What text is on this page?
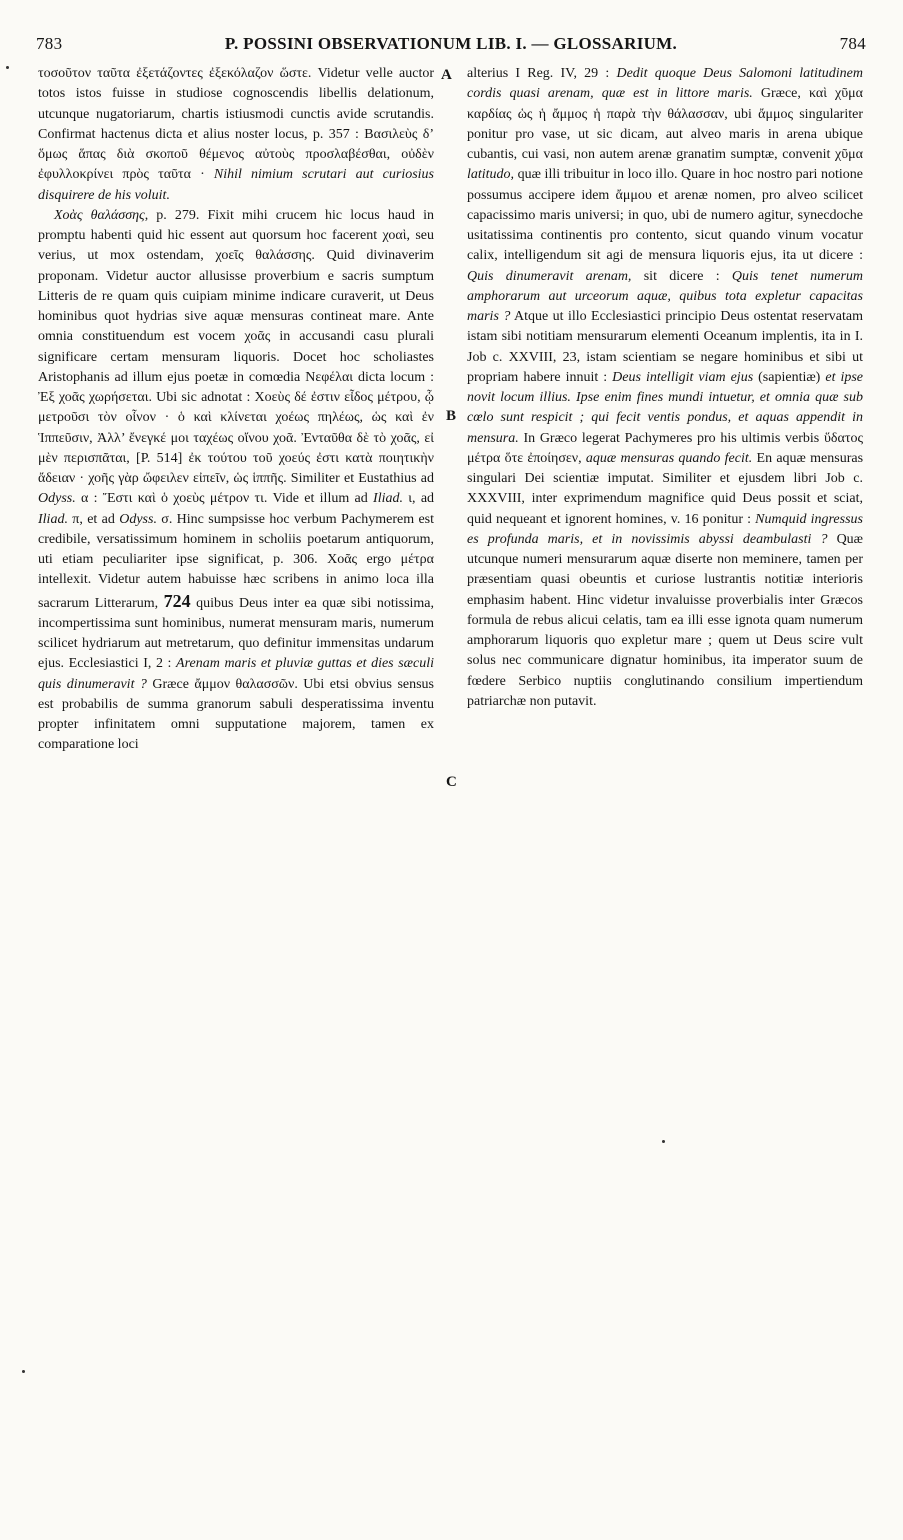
783	P. POSSINI OBSERVATIONUM LIB. I. — GLOSSARIUM.	784
A
B
C

τοσοῦτον ταῦτα ἐξετάζοντες ἐξεκόλαζον ὥστε. Videtur velle auctor totos istos fuisse in studiose cognoscendis libellis delationum, utcunque nugatoriarum, chartis istiusmodi cunctis avide scrutandis. Confirmat hactenus dicta et alius noster locus, p. 357 : Βασιλεὺς δ’ ὅμως ἅπας διὰ σκοποῦ θέμενος αὐτοὺς προσλαβέσθαι, οὐδὲν ἐφυλλοκρίνει πρὸς ταῦτα · Nihil nimium scrutari aut curiosius disquirere de his voluit.

Χοὰς θαλάσσης, p. 279. Fixit mihi crucem hic locus haud in promptu habenti quid hic essent aut quorsum hoc facerent χοαὶ, seu verius, ut mox ostendam, χοεῖς θαλάσσης. Quid divinaverim proponam. Videtur auctor allusisse proverbium e sacris sumptum Litteris de re quam quis cuipiam minime indicare curaverit, ut Deus hominibus quot hydrias sive aquæ mensuras contineat mare. Ante omnia constituendum est vocem χοᾶς in accusandi casu plurali significare certam mensuram liquoris. Docet hoc scholiastes Aristophanis ad illum ejus poetæ in comœdia Νεφέλαι dicta locum : Ἐξ χοᾶς χωρήσεται. Ubi sic adnotat : Χοεὺς δέ ἐστιν εἶδος μέτρου, ᾧ μετροῦσι τὸν οἶνον · ὁ καὶ κλίνεται χοέως πηλέως, ὡς καὶ ἐν Ἱππεῦσιν, Ἀλλ’ ἔνεγκέ μοι ταχέως οἴνου χοᾶ. Ἐνταῦθα δὲ τὸ χοᾶς, εἰ μὲν περισπᾶται, [P. 514] ἐκ τούτου τοῦ χοεύς ἐστι κατὰ ποιητικὴν ἄδειαν · χοῆς γὰρ ὤφειλεν εἰπεῖν, ὡς ἱππῆς. Similiter et Eustathius ad Odyss. α : Ἔστι καὶ ὁ χοεὺς μέτρον τι. Vide et illum ad Iliad. ι, ad Iliad. π, et ad Odyss. σ. Hinc sumpsisse hoc verbum Pachymerem est credibile, versatissimum hominem in scholiis poetarum antiquorum, uti etiam peculiariter ipse significat, p. 306. Χοᾶς ergo μέτρα intellexit. Videtur autem habuisse hæc scribens in animo loca illa sacrarum Litterarum, 724 quibus Deus inter ea quæ sibi notissima, incompertissima sunt hominibus, numerat mensuram maris, numerum scilicet hydriarum aut metretarum, quo definitur immensitas undarum ejus. Ecclesiastici I, 2 : Arenam maris et pluviæ guttas et dies sæculi quis dinumeravit ? Græce ἄμμον θαλασσῶν. Ubi etsi obvius sensus est probabilis de summa granorum sabuli desperatissima inventu propter infinitatem omni supputatione majorem, tamen ex comparatione loci

alterius I Reg. IV, 29 : Dedit quoque Deus Salomoni latitudinem cordis quasi arenam, quæ est in littore maris. Græce, καὶ χῦμα καρδίας ὡς ἡ ἄμμος ἡ παρὰ τὴν θάλασσαν, ubi ἄμμος singulariter ponitur pro vase, ut sic dicam, aut alveo maris in arena ubique cubantis, cui vasi, non autem arenæ granatim sumptæ, convenit χῦμα latitudo, quæ illi tribuitur in loco illo. Quare in hoc nostro pari notione possumus accipere idem ἄμμου et arenæ nomen, pro alveo scilicet capacissimo maris universi; in quo, ubi de numero agitur, synecdoche usitatissima continentis pro contento, sicut quando vinum vocatur calix, intelligendum sit agi de mensura liquoris ejus, ita ut dicere : Quis dinumeravit arenam, sit dicere : Quis tenet numerum amphorarum aut urceorum aquæ, quibus tota expletur capacitas maris ? Atque ut illo Ecclesiastici principio Deus ostentat reservatam istam sibi notitiam mensurarum elementi Oceanum implentis, ita in I. Job c. XXVIII, 23, istam scientiam se negare hominibus et sibi ut propriam habere innuit : Deus intelligit viam ejus (sapientiæ) et ipse novit locum illius. Ipse enim fines mundi intuetur, et omnia quæ sub cœlo sunt respicit ; qui fecit ventis pondus, et aquas appendit in mensura. In Græco legerat Pachymeres pro his ultimis verbis ὕδατος μέτρα ὅτε ἐποίησεν, aquæ mensuras quando fecit. En aquæ mensuras singulari Dei scientiæ imputat. Similiter et ejusdem libri Job c. XXXVIII, inter exprimendum magnifice quid Deus possit et sciat, quid nequeant et ignorent homines, v. 16 ponitur : Numquid ingressus es profunda maris, et in novissimis abyssi deambulasti ? Quæ utcunque numeri mensurarum aquæ diserte non meminere, tamen per præsentiam quasi obeuntis et curiose lustrantis notitiæ interioris emphasim habent. Hinc videtur invaluisse proverbialis inter Græcos formula de rebus alicui celatis, tam ea illi esse ignota quam numerum amphorarum liquoris quo expletur mare ; quem ut Deus scire vult solus nec communicare dignatur hominibus, ita imperator suum de fœdere Serbico nuptiis conglutinando consilium impertiendum patriarchæ non putavit.
